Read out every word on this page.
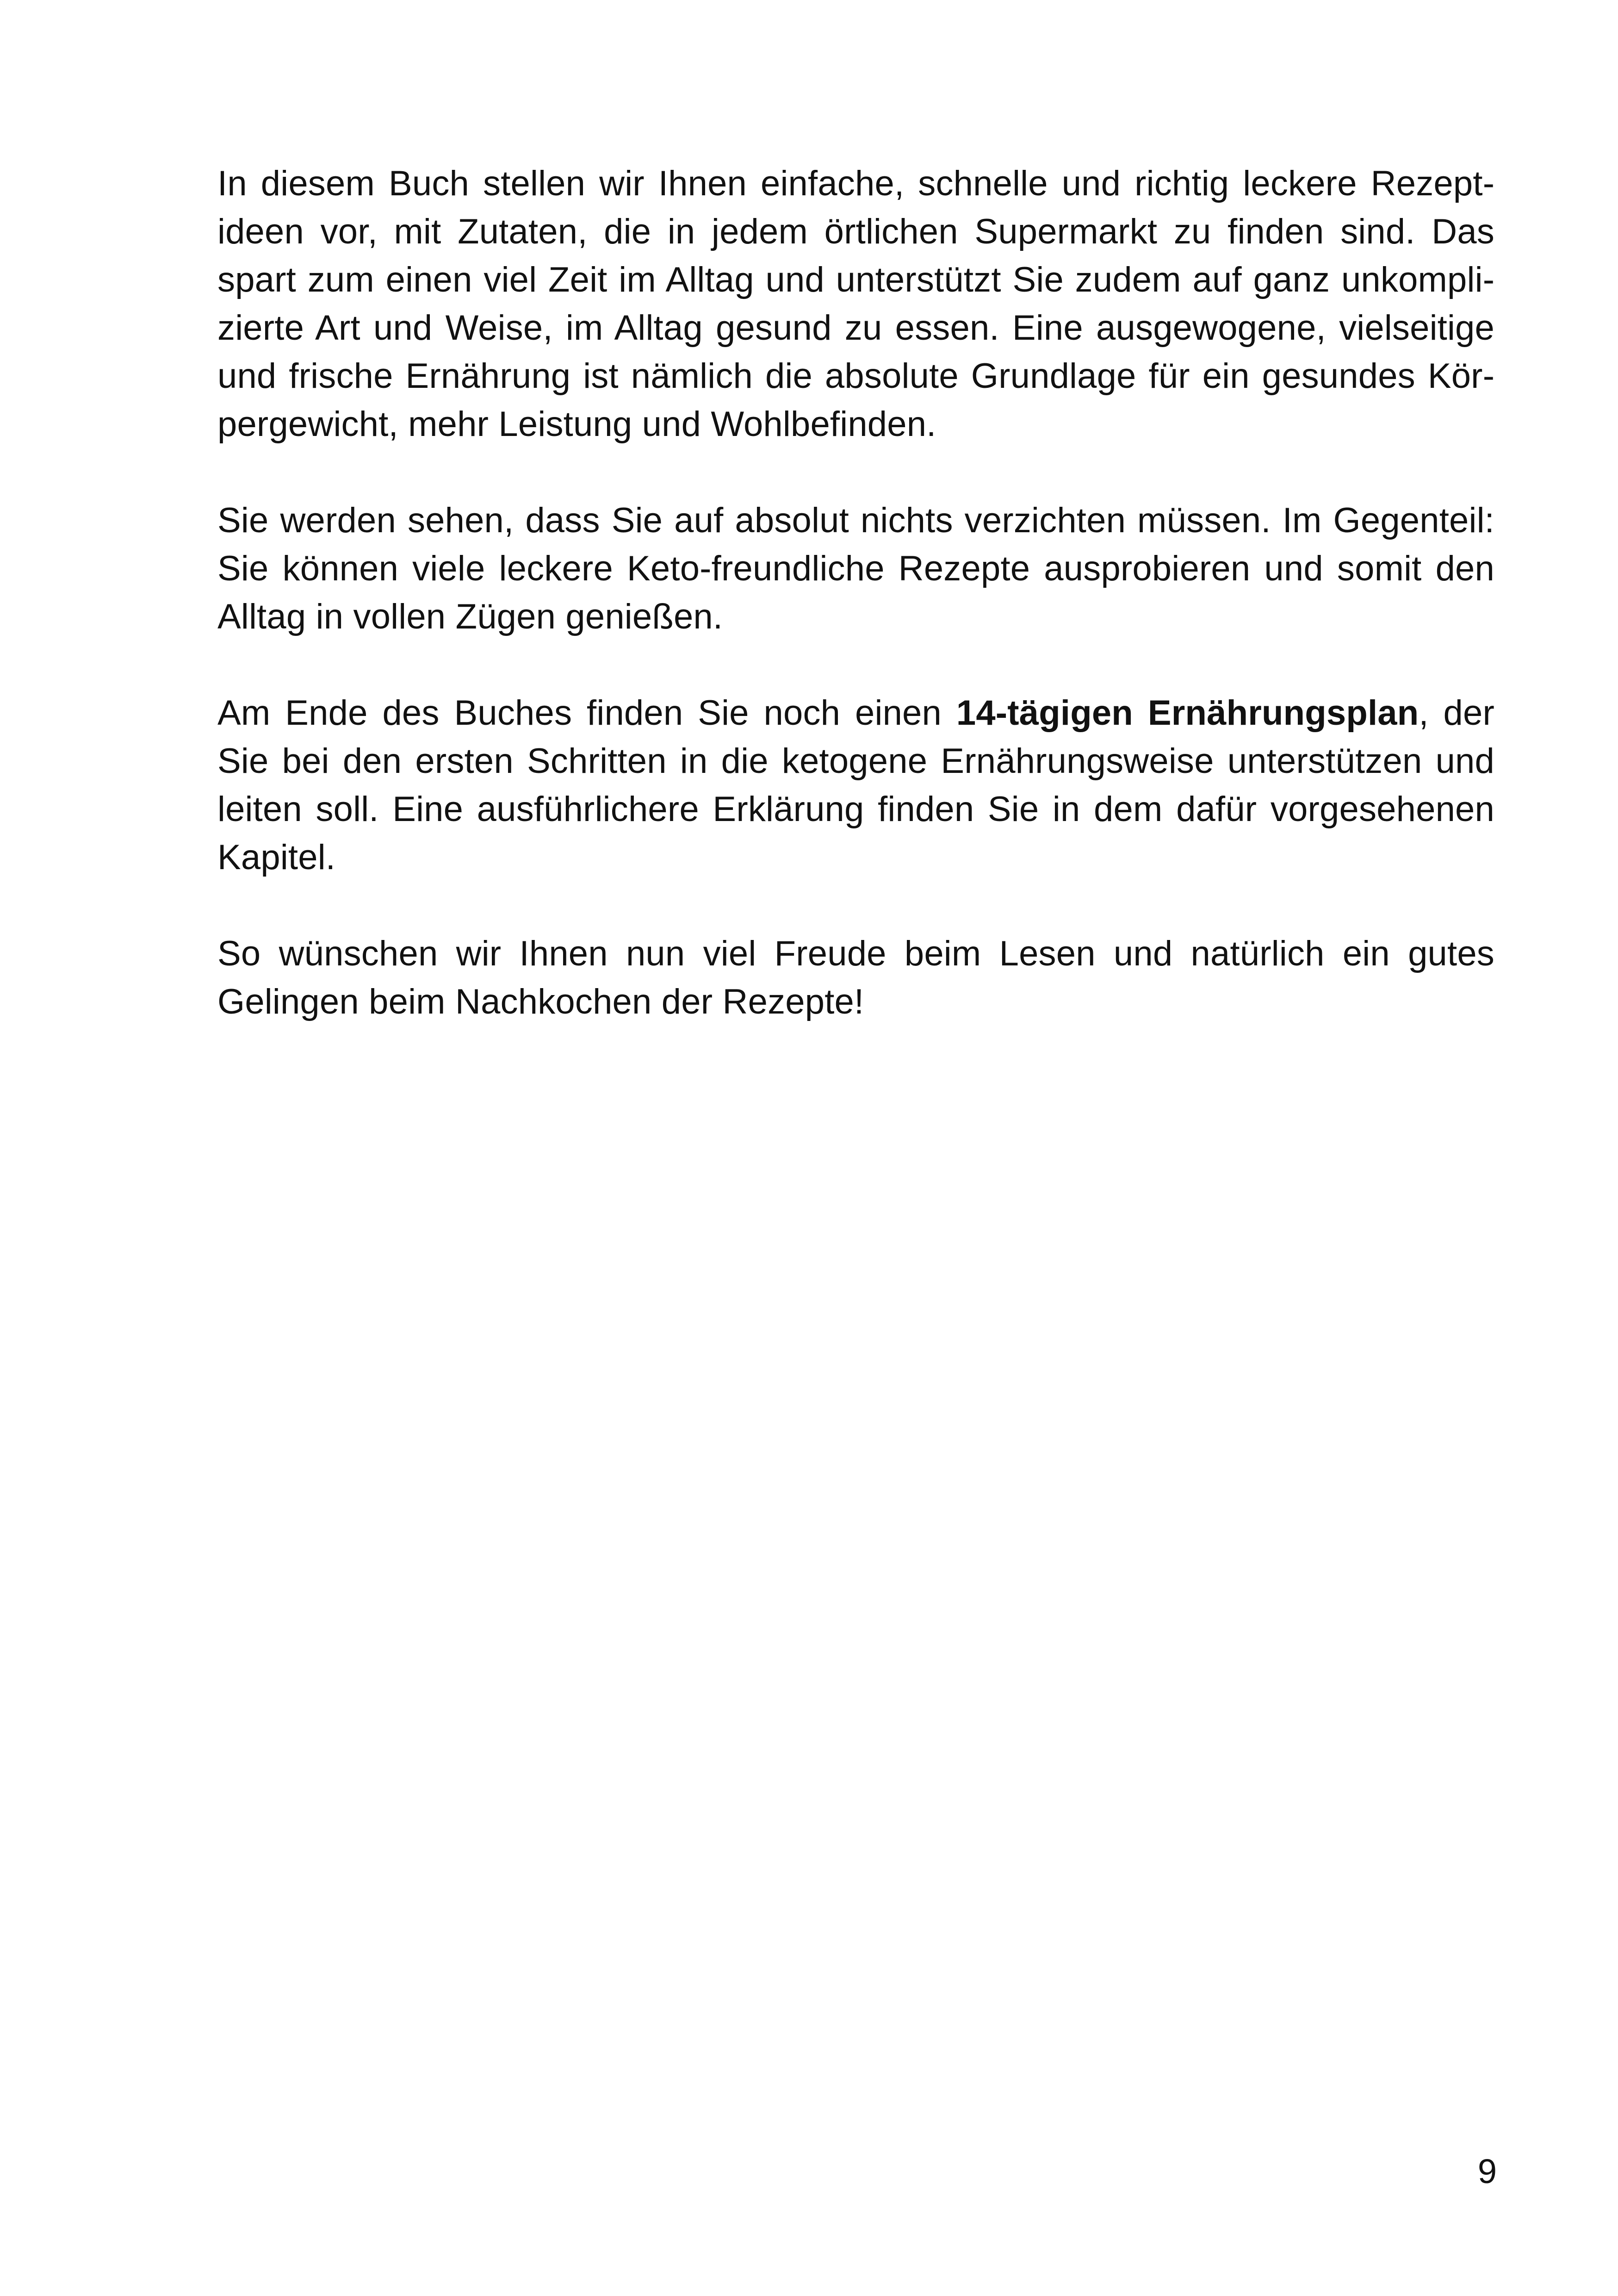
In diesem Buch stellen wir Ihnen einfache, schnelle und richtig leckere Rezeptideen vor, mit Zutaten, die in jedem örtlichen Supermarkt zu finden sind. Das spart zum einen viel Zeit im Alltag und unterstützt Sie zudem auf ganz unkomplizierte Art und Weise, im Alltag gesund zu essen. Eine ausgewogene, vielseitige und frische Ernährung ist nämlich die absolute Grundlage für ein gesundes Körpergewicht, mehr Leistung und Wohlbefinden.

Sie werden sehen, dass Sie auf absolut nichts verzichten müssen. Im Gegenteil: Sie können viele leckere Keto-freundliche Rezepte ausprobieren und somit den Alltag in vollen Zügen genießen.

Am Ende des Buches finden Sie noch einen 14-tägigen Ernährungsplan, der Sie bei den ersten Schritten in die ketogene Ernährungsweise unterstützen und leiten soll. Eine ausführlichere Erklärung finden Sie in dem dafür vorgesehenen Kapitel.

So wünschen wir Ihnen nun viel Freude beim Lesen und natürlich ein gutes Gelingen beim Nachkochen der Rezepte!

9
